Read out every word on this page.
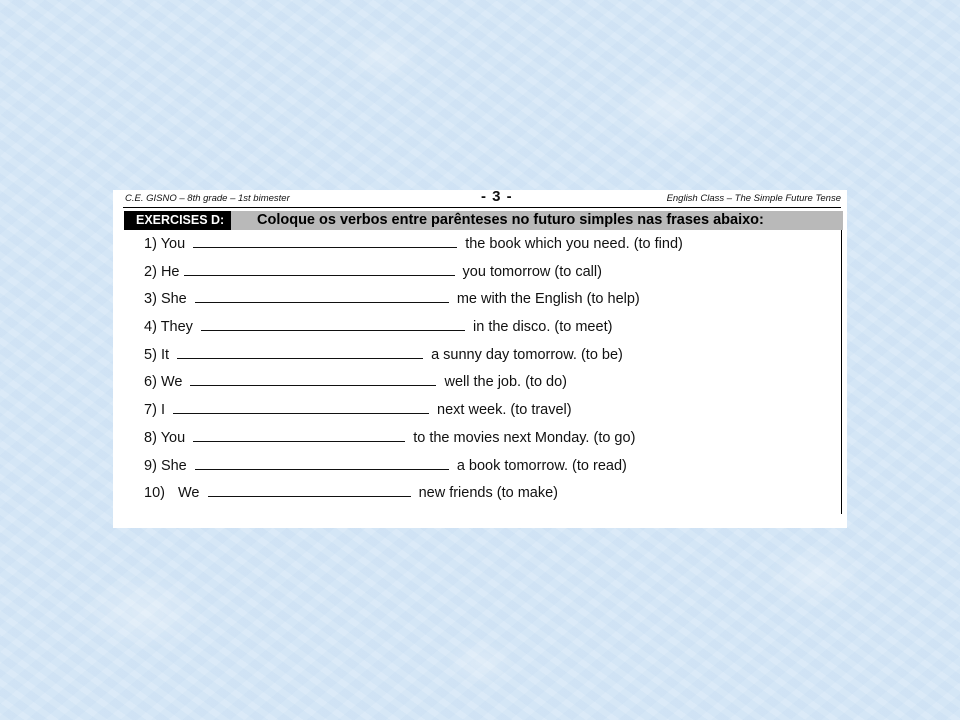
C.E. GISNO – 8th grade – 1st bimester	- 3 -	English Class – The Simple Future Tense
EXERCISES D:	Coloque os verbos entre parênteses no futuro simples nas frases abaixo:
1) You	the book which you need. (to find)
2) He	you tomorrow (to call)
3) She	me with the English (to help)
4) They	in the disco. (to meet)
5) It	a sunny day tomorrow. (to be)
6) We	well the job. (to do)
7) I	next week. (to travel)
8) You	to the movies next Monday. (to go)
9) She	a book tomorrow. (to read)
10) We	new friends (to make)
